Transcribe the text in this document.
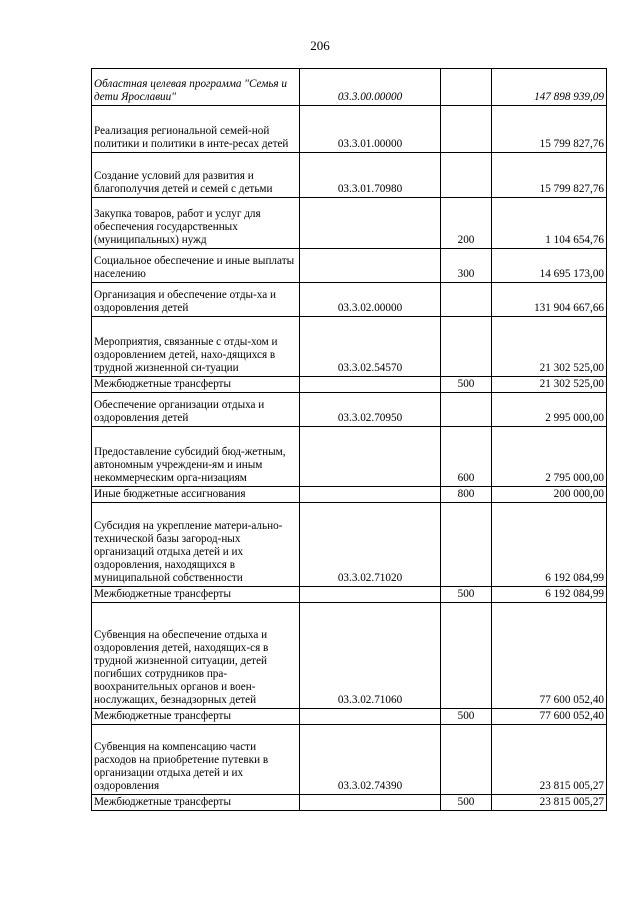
206
Областная целевая программа "Семья и дети Ярославии"	03.3.00.00000		147 898 939,09
Реализация региональной семей-ной политики и политики в инте-ресах детей	03.3.01.00000		15 799 827,76
Создание условий для развития и благополучия детей и семей с детьми	03.3.01.70980		15 799 827,76
Закупка товаров, работ и услуг для обеспечения государственных (муниципальных) нужд		200	1 104 654,76
Социальное обеспечение и иные выплаты населению		300	14 695 173,00
Организация и обеспечение отды-ха и оздоровления детей	03.3.02.00000		131 904 667,66
Мероприятия, связанные с отды-хом и оздоровлением детей, нахо-дящихся в трудной жизненной си-туации	03.3.02.54570		21 302 525,00
Межбюджетные трансферты		500	21 302 525,00
Обеспечение организации отдыха и оздоровления детей	03.3.02.70950		2 995 000,00
Предоставление субсидий бюд-жетным, автономным учреждени-ям и иным некоммерческим орга-низациям		600	2 795 000,00
Иные бюджетные ассигнования		800	200 000,00
Субсидия на укрепление матери-ально-технической базы загород-ных организаций отдыха детей и их оздоровления, находящихся в муниципальной собственности	03.3.02.71020		6 192 084,99
Межбюджетные трансферты		500	6 192 084,99
Субвенция на обеспечение отдыха и оздоровления детей, находящих-ся в трудной жизненной ситуации, детей погибших сотрудников пра-воохранительных органов и воен-нослужащих, безнадзорных детей	03.3.02.71060		77 600 052,40
Межбюджетные трансферты		500	77 600 052,40
Субвенция на компенсацию части расходов на приобретение путевки в организации отдыха детей и их оздоровления	03.3.02.74390		23 815 005,27
Межбюджетные трансферты		500	23 815 005,27
